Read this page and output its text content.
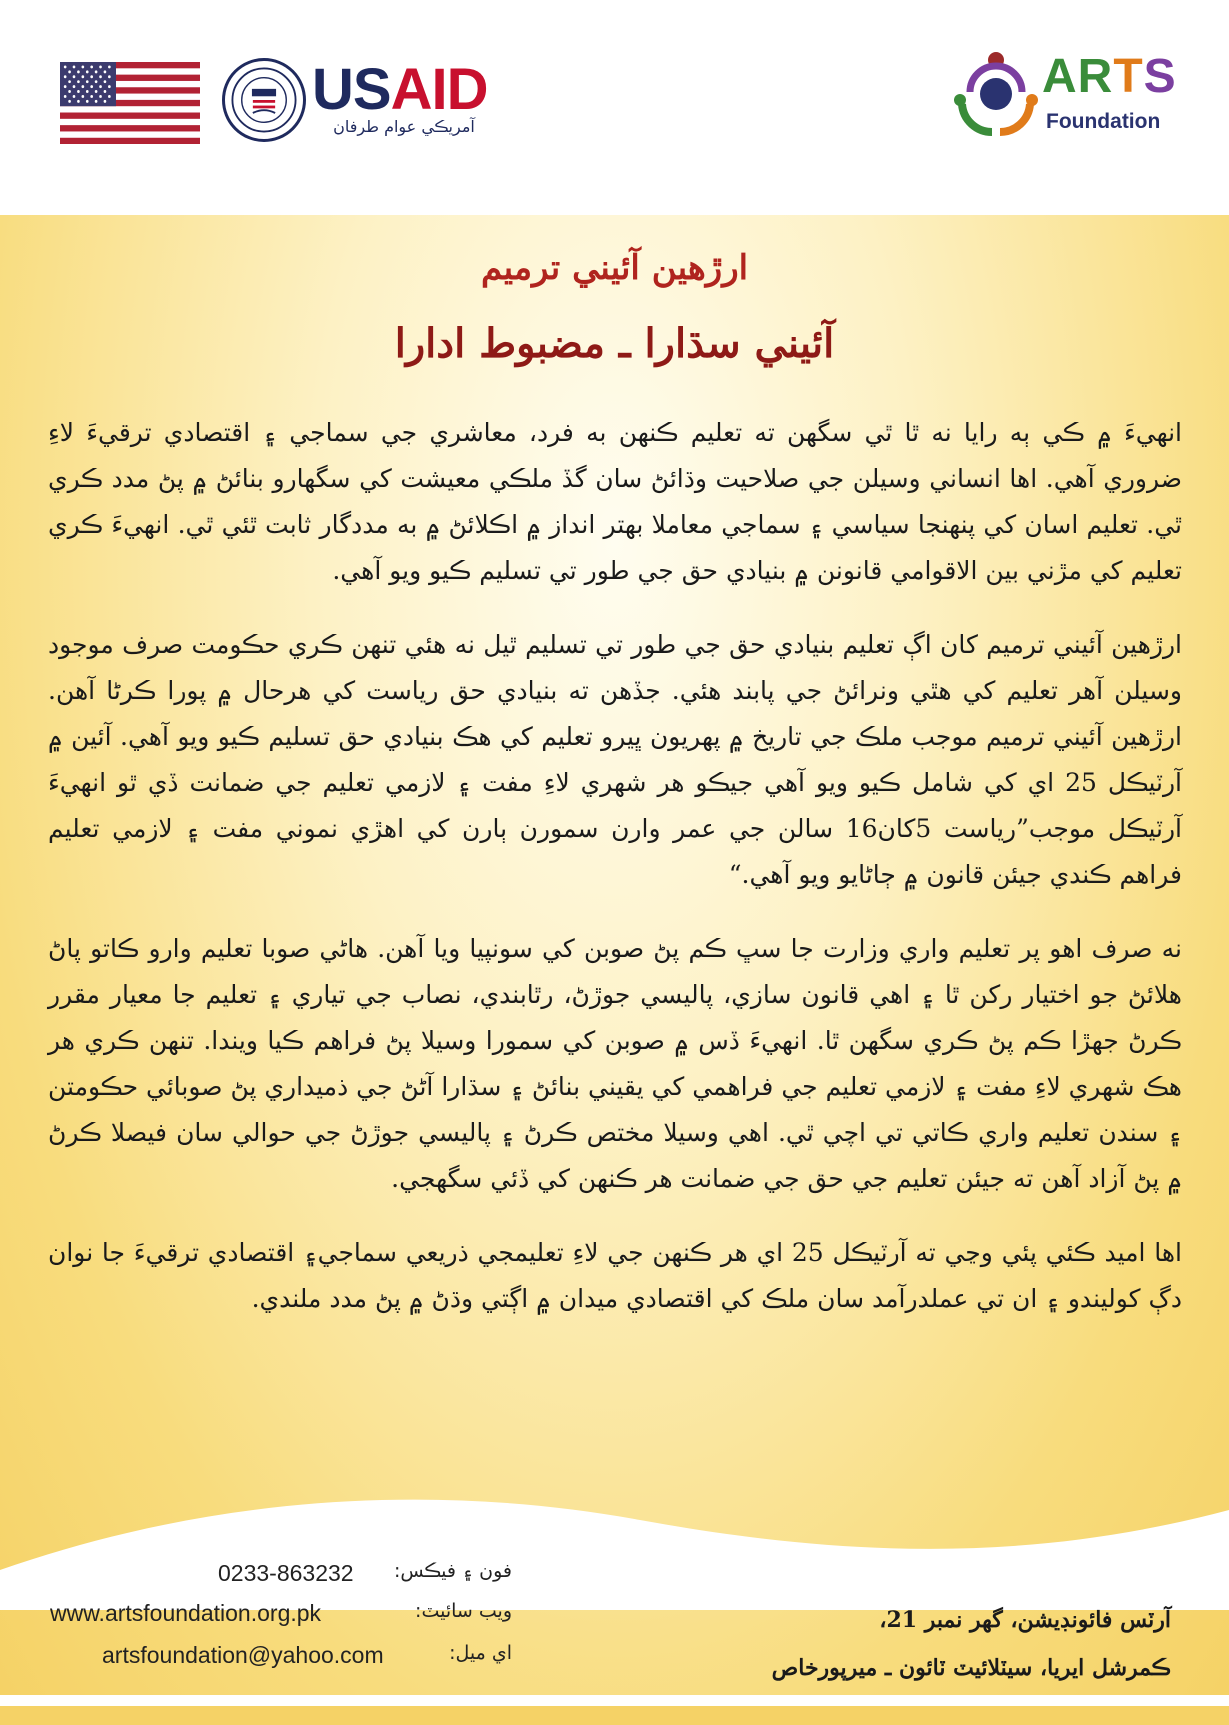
USAID
آمريڪي عوام طرفان
ARTS
Foundation
ارڙهين آئيني ترميم
آئيني سڌارا ـ مضبوط ادارا

انهيءَ ۾ ڪي ٻه رايا نه ٿا ٿي سگهن ته تعليم ڪنهن به فرد، معاشري جي سماجي ۽ اقتصادي ترقيءَ لاءِ ضروري آهي. اها انساني وسيلن جي صلاحيت وڌائڻ سان گڏ ملڪي معيشت کي سگهارو بنائڻ ۾ پڻ مدد ڪري ٿي. تعليم اسان کي پنهنجا سياسي ۽ سماجي معاملا بهتر انداز ۾ اڪلائڻ ۾ به مددگار ثابت ٿئي ٿي. انهيءَ ڪري تعليم کي مڙني بين الاقوامي قانونن ۾ بنيادي حق جي طور تي تسليم ڪيو ويو آهي.

ارڙهين آئيني ترميم کان اڳ تعليم بنيادي حق جي طور تي تسليم ٿيل نه هئي تنهن ڪري حڪومت صرف موجود وسيلن آهر تعليم کي هٿي ونرائڻ جي پابند هئي. جڏهن ته بنيادي حق رياست کي هرحال ۾ پورا ڪرڻا آهن. ارڙهين آئيني ترميم موجب ملڪ جي تاريخ ۾ پهريون ڀيرو تعليم کي هڪ بنيادي حق تسليم ڪيو ويو آهي. آئين ۾ آرٽيڪل 25 اي کي شامل ڪيو ويو آهي جيڪو هر شهري لاءِ مفت ۽ لازمي تعليم جي ضمانت ڏي ٿو انهيءَ آرٽيڪل موجب”رياست 5کان16 سالن جي عمر وارن سمورن ٻارن کي اهڙي نموني مفت ۽ لازمي تعليم فراهم ڪندي جيئن قانون ۾ ڄاڻايو ويو آهي.“

نه صرف اهو پر تعليم واري وزارت جا سڀ ڪم پڻ صوبن کي سونپيا ويا آهن. هاڻي صوبا تعليم وارو ڪاتو پاڻ هلائڻ جو اختيار رکن ٿا ۽ اهي قانون سازي، پاليسي جوڙڻ، رٿابندي، نصاب جي تياري ۽ تعليم جا معيار مقرر ڪرڻ جهڙا ڪم پڻ ڪري سگهن ٿا. انهيءَ ڏس ۾ صوبن کي سمورا وسيلا پڻ فراهم ڪيا ويندا. تنهن ڪري هر هڪ شهري لاءِ مفت ۽ لازمي تعليم جي فراهمي کي يقيني بنائڻ ۽ سڌارا آڻڻ جي ذميداري پڻ صوبائي حڪومتن ۽ سندن تعليم واري ڪاتي تي اچي ٿي. اهي وسيلا مختص ڪرڻ ۽ پاليسي جوڙڻ جي حوالي سان فيصلا ڪرڻ ۾ پڻ آزاد آهن ته جيئن تعليم جي حق جي ضمانت هر ڪنهن کي ڏئي سگهجي.

اها اميد ڪئي پئي وڃي ته آرٽيڪل 25 اي هر ڪنهن جي لاءِ تعليمجي ذريعي سماجي۽ اقتصادي ترقيءَ جا نوان دڳ کوليندو ۽ ان تي عملدرآمد سان ملڪ کي اقتصادي ميدان ۾ اڳتي وڌڻ ۾ پڻ مدد ملندي.

0233-863232	فون ۽ فيڪس:
www.artsfoundation.org.pk	ويب سائيٽ:
artsfoundation@yahoo.com	اي ميل:
آرٽس فائونڊيشن، گهر نمبر 21،
ڪمرشل ايريا، سيٽلائيٽ ٽائون ـ ميرپورخاص
